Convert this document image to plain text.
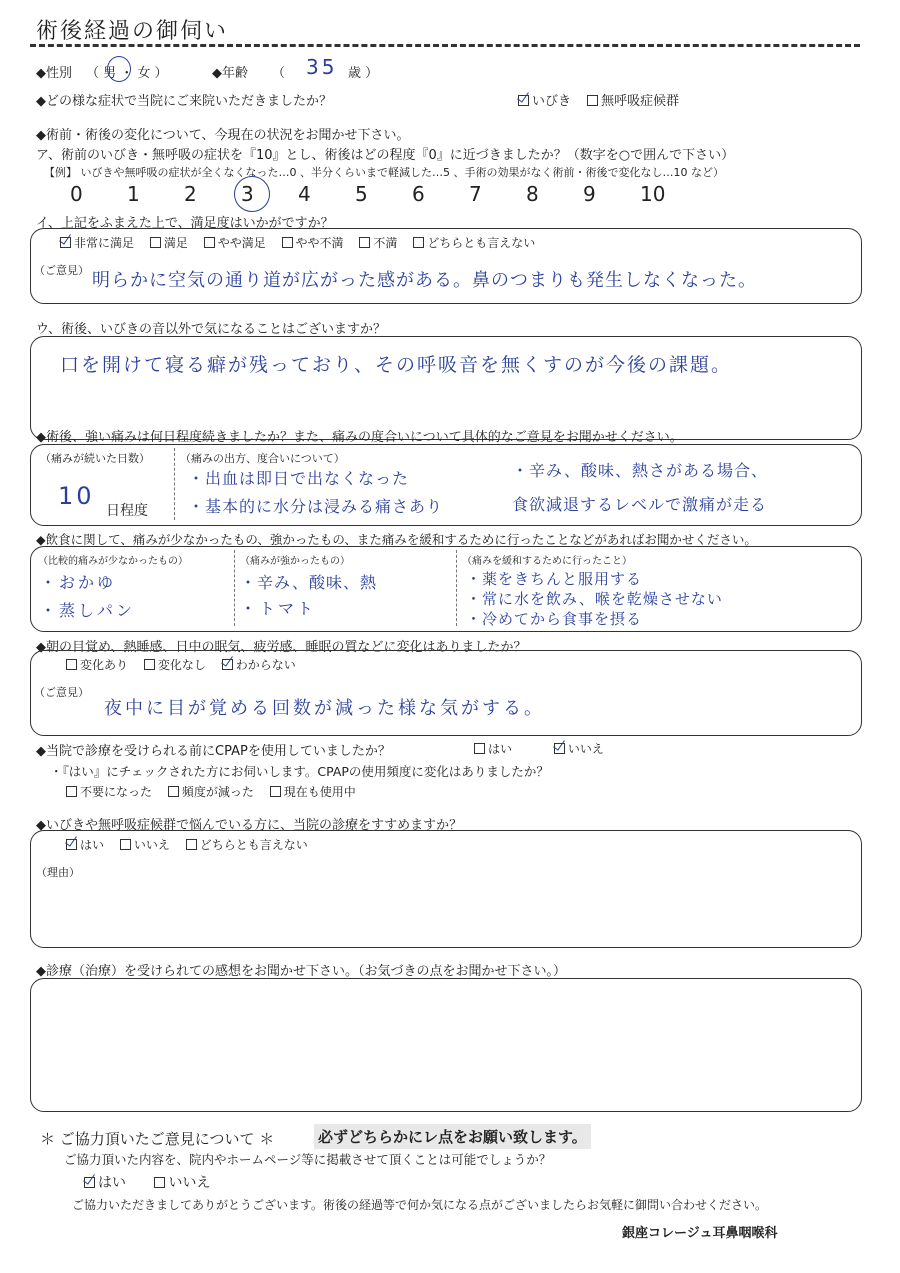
術後経過の御伺い
◆性別 （ 男 ・ 女 ）	◆年齢 （ 35 歳 ）
◆どの様な症状で当院にご来院いただきましたか？	いびき 無呼吸症候群
◆術前・術後の変化について、今現在の状況をお聞かせ下さい。
ア、術前のいびき・無呼吸の症状を『10』とし、術後はどの程度『0』に近づきましたか？（数字を○で囲んで下さい）
【例】 いびきや無呼吸の症状が全くなくなった…0 、半分くらいまで軽減した…5 、手術の効果がなく術前・術後で変化なし…10 など）
0 1 2 3 4 5 6 7 8 9 10
イ、上記をふまえた上で、満足度はいかがですか？
非常に満足 満足 やや満足 やや不満 不満 どちらとも言えない
（ご意見） 明らかに空気の通り道が広がった感がある。鼻のつまりも発生しなくなった。
ウ、術後、いびきの音以外で気になることはございますか？
口を開けて寝る癖が残っており、その呼吸音を無くすのが今後の課題。
◆術後、強い痛みは何日程度続きましたか？また、痛みの度合いについて具体的なご意見をお聞かせください。
（痛みが続いた日数）
10
日程度
（痛みの出方、度合いについて）
・出血は即日で出なくなった
・基本的に水分は浸みる痛さあり
・辛み、酸味、熱さがある場合、
食欲減退するレベルで激痛が走る
◆飲食に関して、痛みが少なかったもの、強かったもの、また痛みを緩和するために行ったことなどがあればお聞かせください。
（比較的痛みが少なかったもの）
・おかゆ
・蒸しパン
（痛みが強かったもの）
・辛み、酸味、熱
・トマト
（痛みを緩和するために行ったこと）
・薬をきちんと服用する
・常に水を飲み、喉を乾燥させない
・冷めてから食事を摂る
◆朝の目覚め、熱睡感、日中の眠気、疲労感、睡眠の質などに変化はありましたか？
変化あり 変化なし わからない
（ご意見）
夜中に目が覚める回数が減った様な気がする。
◆当院で診療を受けられる前にCPAPを使用していましたか？	はい	いいえ
・『はい』にチェックされた方にお伺いします。CPAPの使用頻度に変化はありましたか？
不要になった 頻度が減った 現在も使用中
◆いびきや無呼吸症候群で悩んでいる方に、当院の診療をすすめますか？
はい いいえ どちらとも言えない
（理由）
◆診療（治療）を受けられての感想をお聞かせ下さい。（お気づきの点をお聞かせ下さい。）
＊ ご協力頂いたご意見について ＊	必ずどちらかにレ点をお願い致します。
ご協力頂いた内容を、院内やホームページ等に掲載させて頂くことは可能でしょうか？
はい	いいえ
ご協力いただきましてありがとうございます。術後の経過等で何か気になる点がございましたらお気軽に御問い合わせください。
銀座コレージュ耳鼻咽喉科
